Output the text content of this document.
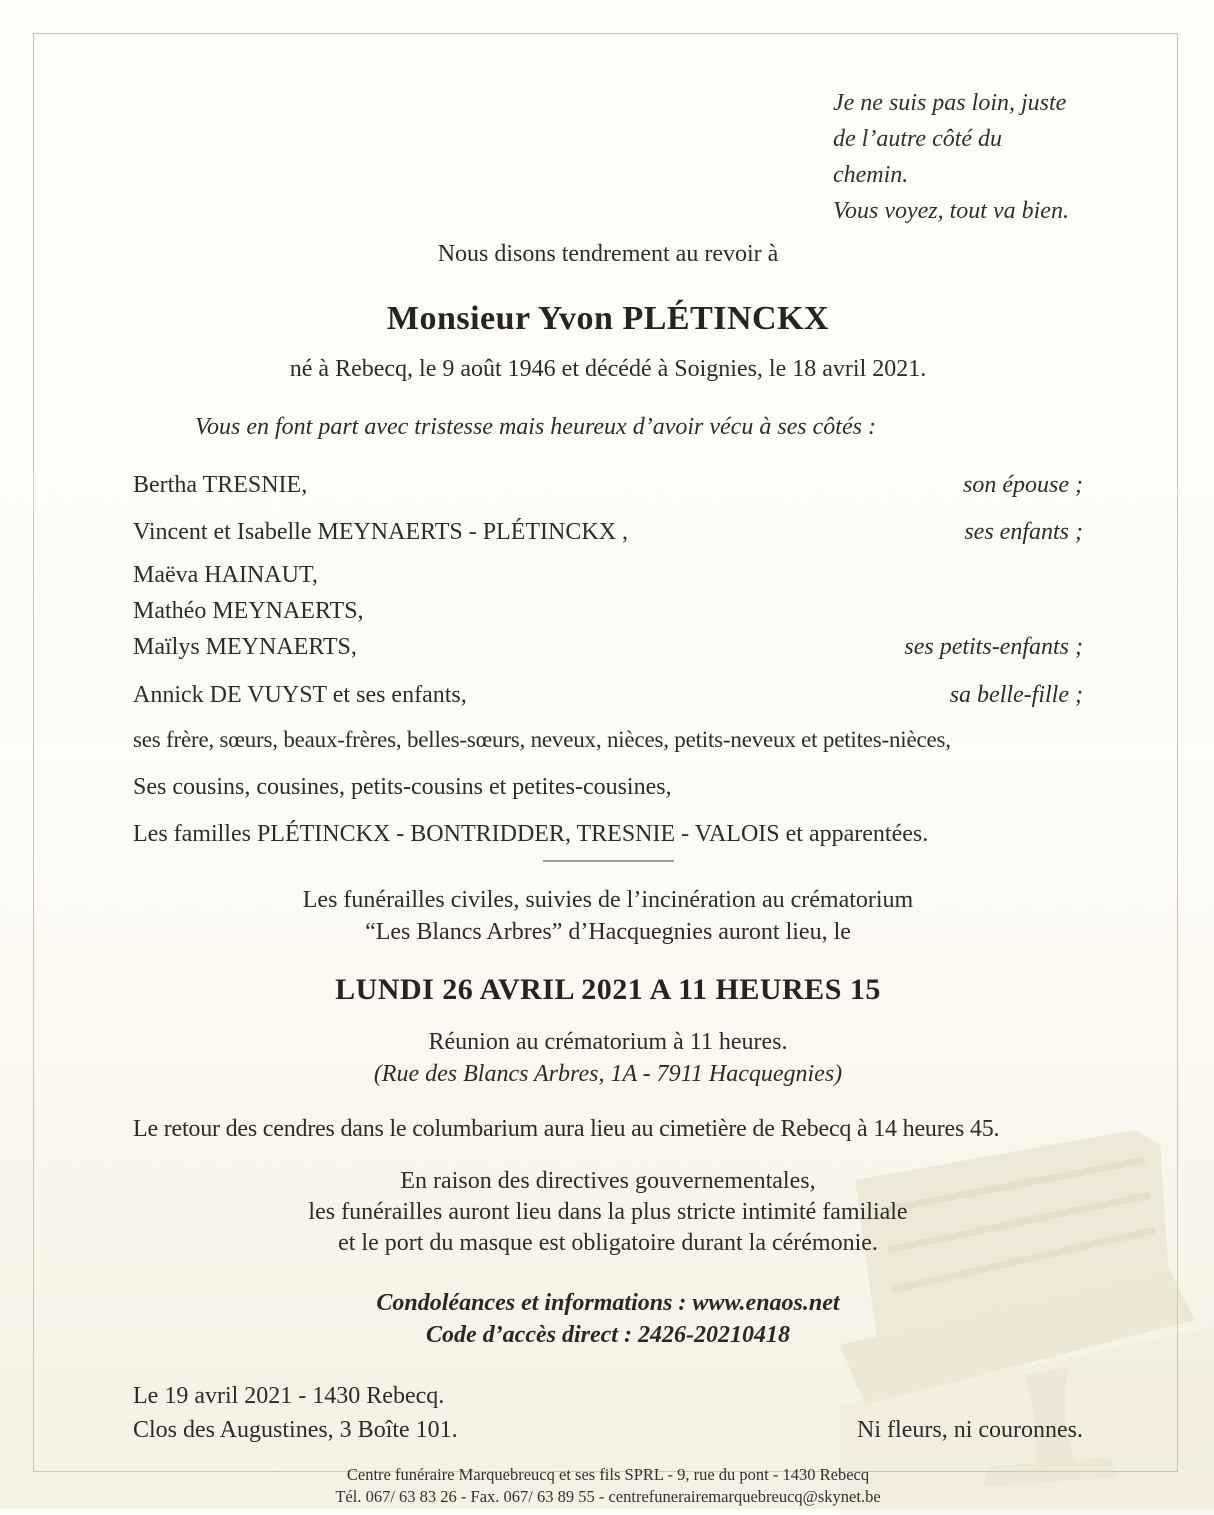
Je ne suis pas loin, juste
de l’autre côté du chemin.
Vous voyez, tout va bien.
Nous disons tendrement au revoir à
Monsieur Yvon PLÉTINCKX
né à Rebecq, le 9 août 1946 et décédé à Soignies, le 18 avril 2021.
Vous en font part avec tristesse mais heureux d’avoir vécu à ses côtés :
Bertha TRESNIE,	son épouse ;
Vincent et Isabelle MEYNAERTS - PLÉTINCKX ,	ses enfants ;
Maëva HAINAUT,
Mathéo MEYNAERTS,
Maïlys MEYNAERTS,	ses petits-enfants ;
Annick DE VUYST et ses enfants,	sa belle-fille ;
ses frère, sœurs, beaux-frères, belles-sœurs, neveux, nièces, petits-neveux et petites-nièces,
Ses cousins, cousines, petits-cousins et petites-cousines,
Les familles PLÉTINCKX - BONTRIDDER, TRESNIE - VALOIS et apparentées.
Les funérailles civiles, suivies de l’incinération au crématorium
“Les Blancs Arbres” d’Hacquegnies auront lieu, le
LUNDI 26 AVRIL 2021 A 11 HEURES 15
Réunion au crématorium à 11 heures.
(Rue des Blancs Arbres, 1A - 7911 Hacquegnies)
Le retour des cendres dans le columbarium aura lieu au cimetière de Rebecq à 14 heures 45.
En raison des directives gouvernementales,
les funérailles auront lieu dans la plus stricte intimité familiale
et le port du masque est obligatoire durant la cérémonie.
Condoléances et informations : www.enaos.net
Code d’accès direct : 2426-20210418
Le 19 avril 2021 - 1430 Rebecq.
Clos des Augustines, 3 Boîte 101.	Ni fleurs, ni couronnes.
Centre funéraire Marquebreucq et ses fils SPRL - 9, rue du pont - 1430 Rebecq
Tél. 067/ 63 83 26 - Fax. 067/ 63 89 55 - centrefunerairemarquebreucq@skynet.be
